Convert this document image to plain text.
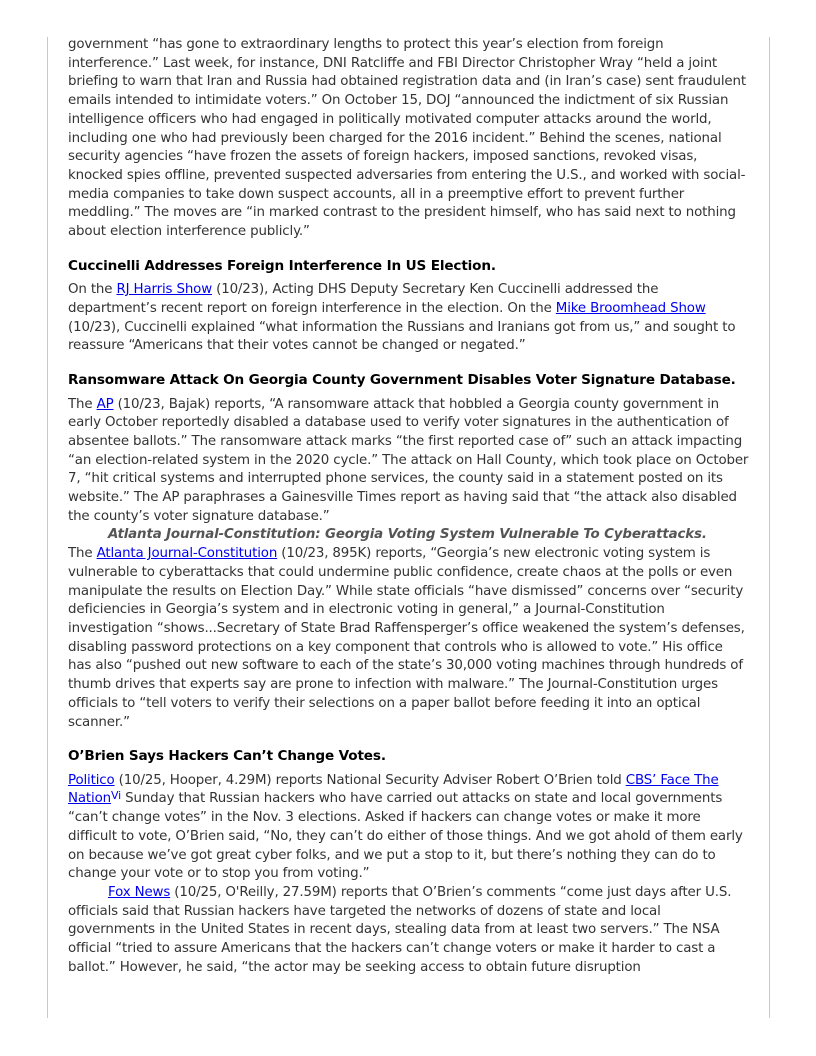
government “has gone to extraordinary lengths to protect this year’s election from foreign interference.” Last week, for instance, DNI Ratcliffe and FBI Director Christopher Wray “held a joint briefing to warn that Iran and Russia had obtained registration data and (in Iran’s case) sent fraudulent emails intended to intimidate voters.” On October 15, DOJ “announced the indictment of six Russian intelligence officers who had engaged in politically motivated computer attacks around the world, including one who had previously been charged for the 2016 incident.” Behind the scenes, national security agencies “have frozen the assets of foreign hackers, imposed sanctions, revoked visas, knocked spies offline, prevented suspected adversaries from entering the U.S., and worked with social-media companies to take down suspect accounts, all in a preemptive effort to prevent further meddling.” The moves are “in marked contrast to the president himself, who has said next to nothing about election interference publicly.”

Cuccinelli Addresses Foreign Interference In US Election.

On the RJ Harris Show (10/23), Acting DHS Deputy Secretary Ken Cuccinelli addressed the department’s recent report on foreign interference in the election. On the Mike Broomhead Show (10/23), Cuccinelli explained “what information the Russians and Iranians got from us,” and sought to reassure “Americans that their votes cannot be changed or negated.”

Ransomware Attack On Georgia County Government Disables Voter Signature Database.

The AP (10/23, Bajak) reports, “A ransomware attack that hobbled a Georgia county government in early October reportedly disabled a database used to verify voter signatures in the authentication of absentee ballots.” The ransomware attack marks “the first reported case of” such an attack impacting “an election-related system in the 2020 cycle.” The attack on Hall County, which took place on October 7, “hit critical systems and interrupted phone services, the county said in a statement posted on its website.” The AP paraphrases a Gainesville Times report as having said that “the attack also disabled the county’s voter signature database.”

Atlanta Journal-Constitution: Georgia Voting System Vulnerable To Cyberattacks.

The Atlanta Journal-Constitution (10/23, 895K) reports, “Georgia’s new electronic voting system is vulnerable to cyberattacks that could undermine public confidence, create chaos at the polls or even manipulate the results on Election Day.” While state officials “have dismissed” concerns over “security deficiencies in Georgia’s system and in electronic voting in general,” a Journal-Constitution investigation “shows...Secretary of State Brad Raffensperger’s office weakened the system’s defenses, disabling password protections on a key component that controls who is allowed to vote.” His office has also “pushed out new software to each of the state’s 30,000 voting machines through hundreds of thumb drives that experts say are prone to infection with malware.” The Journal-Constitution urges officials to “tell voters to verify their selections on a paper ballot before feeding it into an optical scanner.”

O’Brien Says Hackers Can’t Change Votes.

Politico (10/25, Hooper, 4.29M) reports National Security Adviser Robert O’Brien told CBS’ Face The Nation$^{Vi}$ Sunday that Russian hackers who have carried out attacks on state and local governments “can’t change votes” in the Nov. 3 elections. Asked if hackers can change votes or make it more difficult to vote, O’Brien said, “No, they can’t do either of those things. And we got ahold of them early on because we’ve got great cyber folks, and we put a stop to it, but there’s nothing they can do to change your vote or to stop you from voting.”

Fox News (10/25, O'Reilly, 27.59M) reports that O’Brien’s comments “come just days after U.S. officials said that Russian hackers have targeted the networks of dozens of state and local governments in the United States in recent days, stealing data from at least two servers.” The NSA official “tried to assure Americans that the hackers can’t change voters or make it harder to cast a ballot.” However, he said, “the actor may be seeking access to obtain future disruption
